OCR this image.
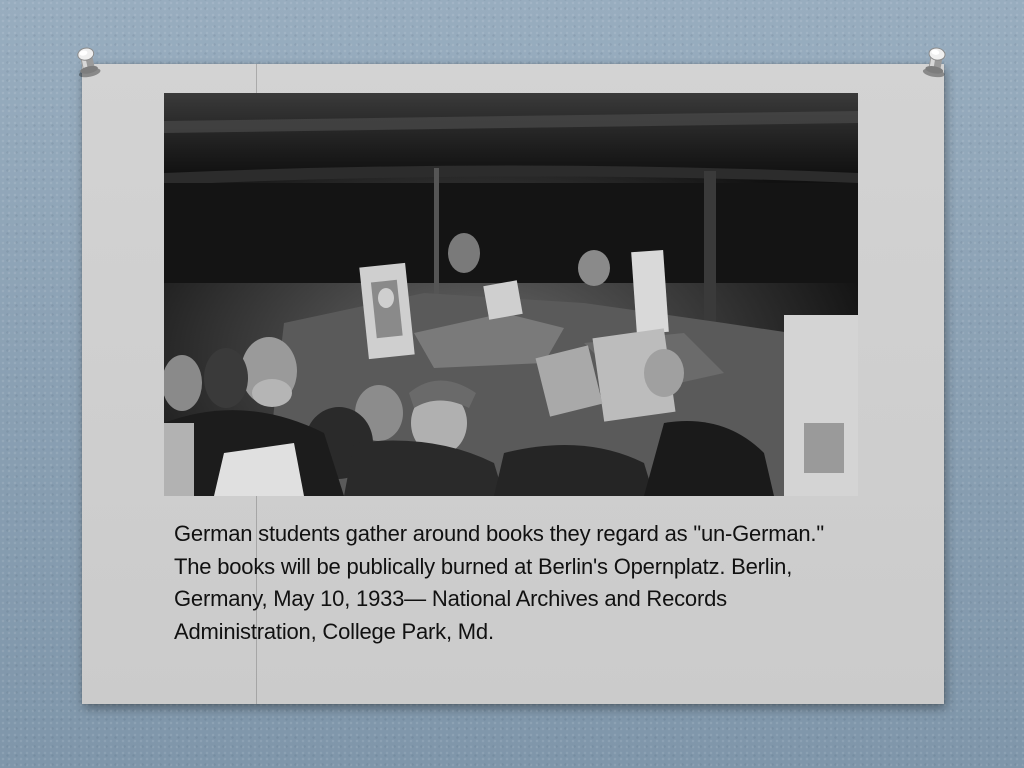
German students gather around books they regard as "un-German." The books will be publically burned at Berlin's Opernplatz. Berlin, Germany, May 10, 1933— National Archives and Records Administration, College Park, Md.
